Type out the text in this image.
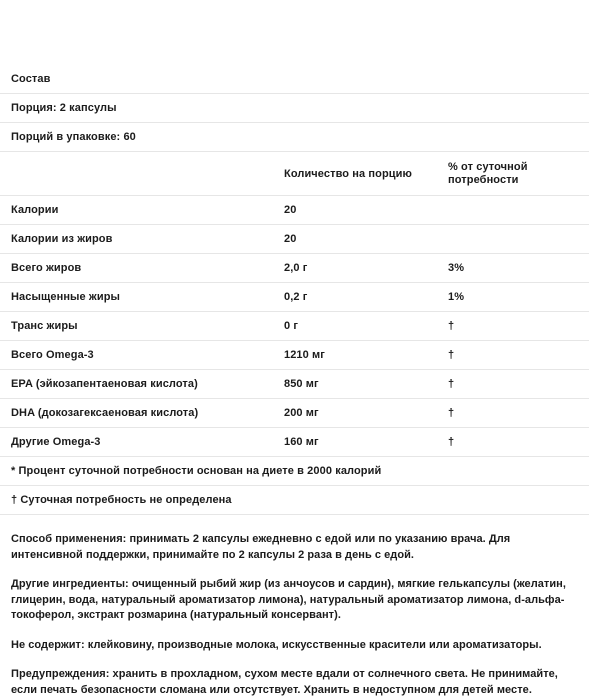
Состав		
Порция: 2 капсулы		
Порций в упаковке: 60		
	Количество на порцию	% от суточной потребности
Калории	20	
Калории из жиров	20	
Всего жиров	2,0 г	3%
Насыщенные жиры	0,2 г	1%
Транс жиры	0 г	†
Всего Omega-3	1210 мг	†
EPA (эйкозапентаеновая кислота)	850 мг	†
DHA (докозагексаеновая кислота)	200 мг	†
Другие Omega-3	160 мг	†
* Процент суточной потребности основан на диете в 2000 калорий		
† Суточная потребность не определена		

Способ применения: принимать 2 капсулы ежедневно с едой или по указанию врача. Для интенсивной поддержки, принимайте по 2 капсулы 2 раза в день с едой.

Другие ингредиенты: очищенный рыбий жир (из анчоусов и сардин), мягкие гелькапсулы (желатин, глицерин, вода, натуральный ароматизатор лимона), натуральный ароматизатор лимона, d-альфа-токоферол, экстракт розмарина (натуральный консервант).

Не содержит: клейковину, производные молока, искусственные красители или ароматизаторы.

Предупреждения: хранить в прохладном, сухом месте вдали от солнечного света. Не принимайте, если печать безопасности сломана или отсутствует. Хранить в недоступном для детей месте.
